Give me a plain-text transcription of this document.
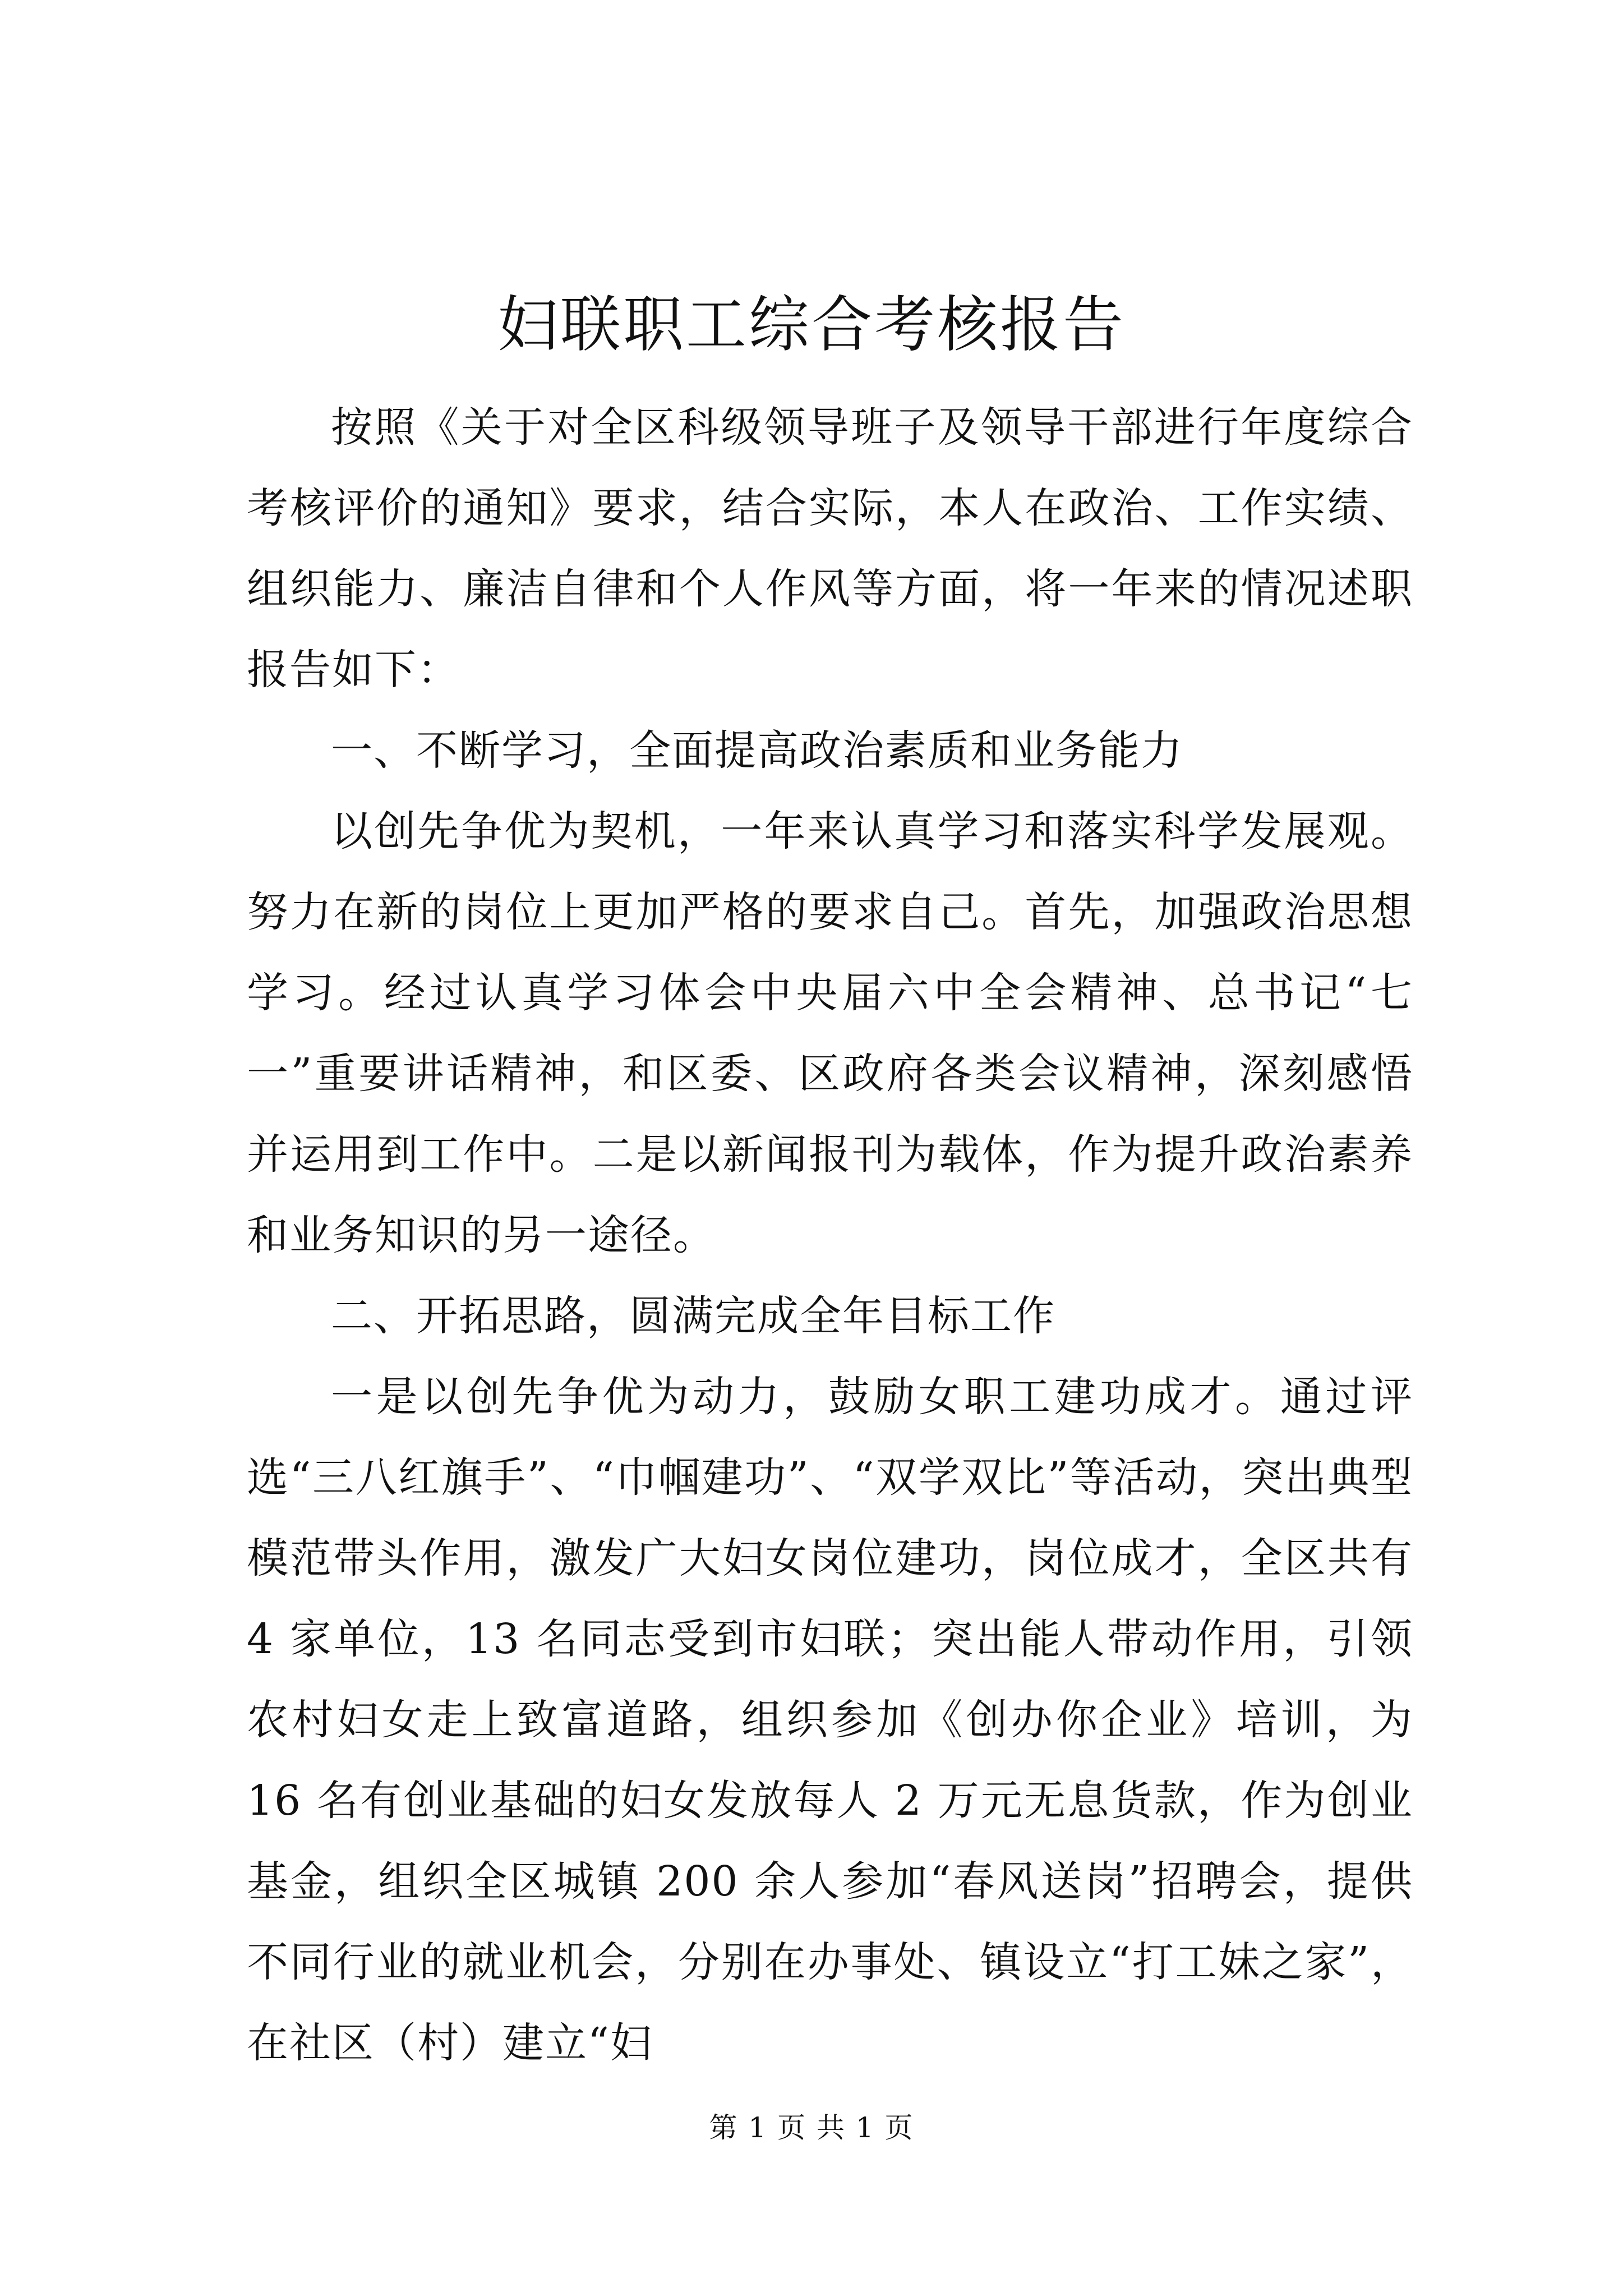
妇联职工综合考核报告

按照《关于对全区科级领导班子及领导干部进行年度综合考核评价的通知》要求，结合实际，本人在政治、工作实绩、组织能力、廉洁自律和个人作风等方面，将一年来的情况述职报告如下：

一、不断学习，全面提高政治素质和业务能力

以创先争优为契机，一年来认真学习和落实科学发展观。努力在新的岗位上更加严格的要求自己。首先，加强政治思想学习。经过认真学习体会中央届六中全会精神、总书记“七一”重要讲话精神，和区委、区政府各类会议精神，深刻感悟并运用到工作中。二是以新闻报刊为载体，作为提升政治素养和业务知识的另一途径。

二、开拓思路，圆满完成全年目标工作

一是以创先争优为动力，鼓励女职工建功成才。通过评选“三八红旗手”、“巾帼建功”、“双学双比”等活动，突出典型模范带头作用，激发广大妇女岗位建功，岗位成才，全区共有 4 家单位，13 名同志受到市妇联；突出能人带动作用，引领农村妇女走上致富道路，组织参加《创办你企业》培训，为 16 名有创业基础的妇女发放每人 2 万元无息货款，作为创业基金，组织全区城镇 200 余人参加“春风送岗”招聘会，提供不同行业的就业机会，分别在办事处、镇设立“打工妹之家”，在社区（村）建立“妇

第 1 页 共 1 页
